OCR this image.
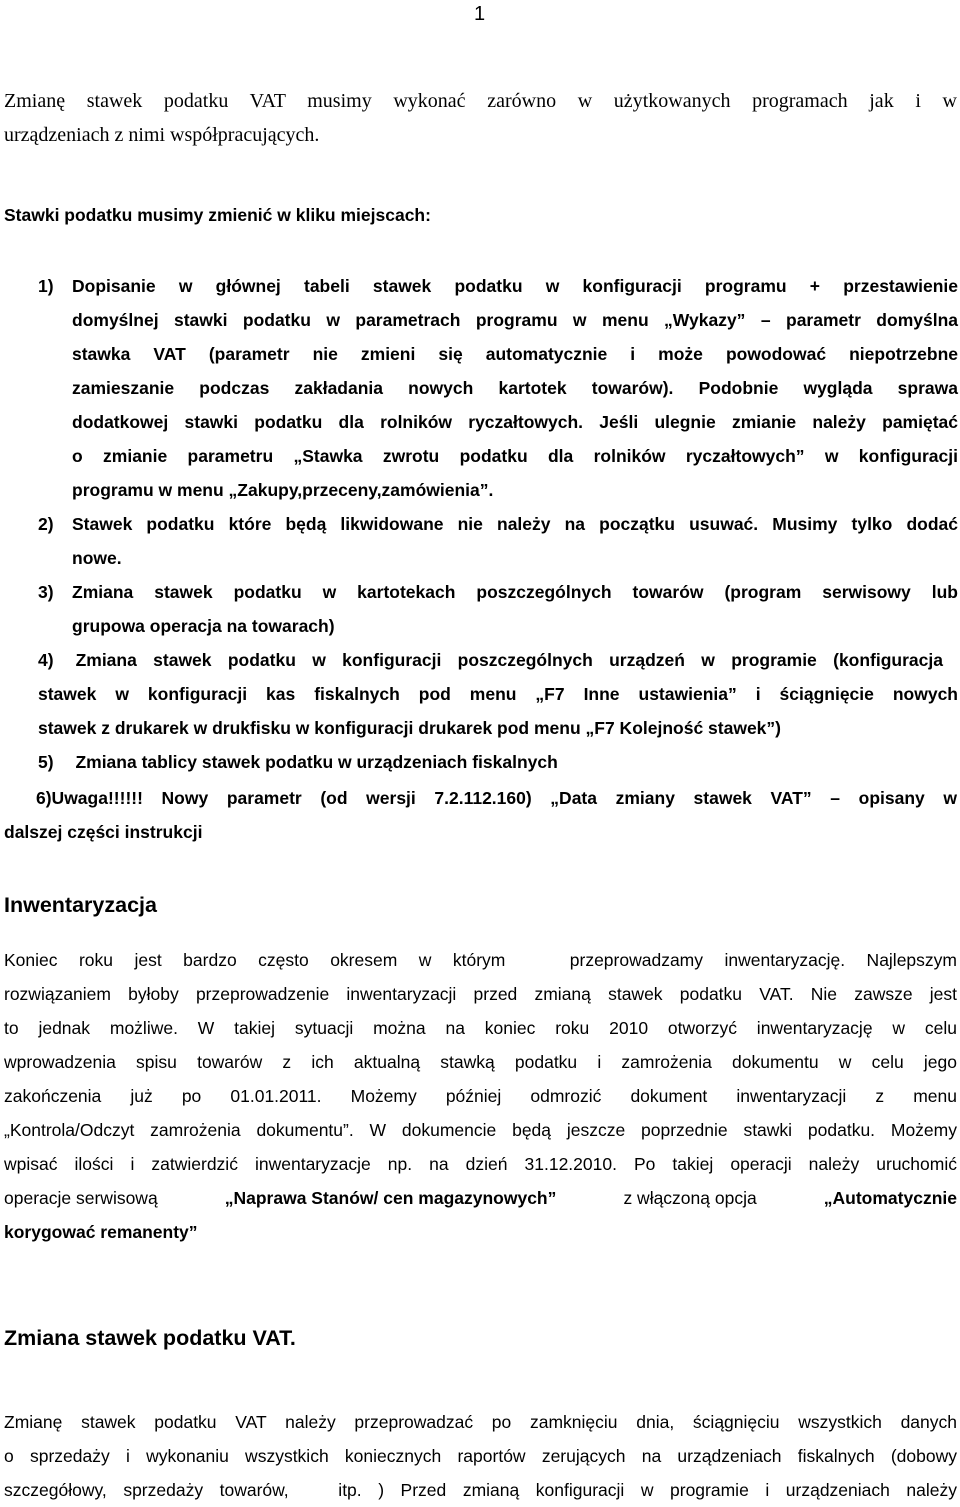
1
Zmianę stawek podatku VAT musimy wykonać zarówno w użytkowanych programach jak i w
urządzeniach z nimi współpracujących.
Stawki podatku musimy zmienić w kliku miejscach:
1) Dopisanie w głównej tabeli stawek podatku w konfiguracji programu + przestawienie
domyślnej stawki podatku w parametrach programu w menu „Wykazy” – parametr domyślna
stawka VAT (parametr nie zmieni się automatycznie i może powodować niepotrzebne
zamieszanie podczas zakładania nowych kartotek towarów). Podobnie wygląda sprawa
dodatkowej stawki podatku dla rolników ryczałtowych. Jeśli ulegnie zmianie należy pamiętać
o zmianie parametru „Stawka zwrotu podatku dla rolników ryczałtowych” w konfiguracji
programu w menu „Zakupy,przeceny,zamówienia”.
2) Stawek podatku które będą likwidowane nie należy na początku usuwać. Musimy tylko dodać
nowe.
3) Zmiana stawek podatku w kartotekach poszczególnych towarów (program serwisowy lub
grupowa operacja na towarach)
4) Zmiana stawek podatku w konfiguracji poszczególnych urządzeń w programie (konfiguracja
stawek w konfiguracji kas fiskalnych pod menu „F7 Inne ustawienia” i ściągnięcie nowych
stawek z drukarek w drukfisku w konfiguracji drukarek pod menu „F7 Kolejność stawek”)
5) Zmiana tablicy stawek podatku w urządzeniach fiskalnych
6)Uwaga!!!!!! Nowy parametr (od wersji 7.2.112.160) „Data zmiany stawek VAT” – opisany w
dalszej części instrukcji
Inwentaryzacja
Koniec roku jest bardzo często okresem w którym   przeprowadzamy inwentaryzację. Najlepszym
rozwiązaniem byłoby przeprowadzenie inwentaryzacji przed zmianą stawek podatku VAT. Nie zawsze jest
to jednak możliwe. W takiej sytuacji można na koniec roku 2010 otworzyć inwentaryzację w celu
wprowadzenia spisu towarów z ich aktualną stawką podatku i zamrożenia dokumentu w celu jego
zakończenia już po 01.01.2011. Możemy później odmrozić dokument inwentaryzacji z menu
„Kontrola/Odczyt zamrożenia dokumentu”. W dokumencie będą jeszcze poprzednie stawki podatku. Możemy
wpisać ilości i zatwierdzić inwentaryzacje np. na dzień 31.12.2010. Po takiej operacji należy uruchomić
operacje serwisową	„Naprawa Stanów/ cen magazynowych”	z włączoną opcja	„Automatycznie
korygować remanenty”
Zmiana stawek podatku VAT.
Zmianę stawek podatku VAT należy przeprowadzać po zamknięciu dnia, ściągnięciu wszystkich danych
o sprzedaży i wykonaniu wszystkich koniecznych raportów zerujących na urządzeniach fiskalnych (dobowy
szczegółowy, sprzedaży towarów,   itp. ) Przed zmianą konfiguracji w programie i urządzeniach należy
